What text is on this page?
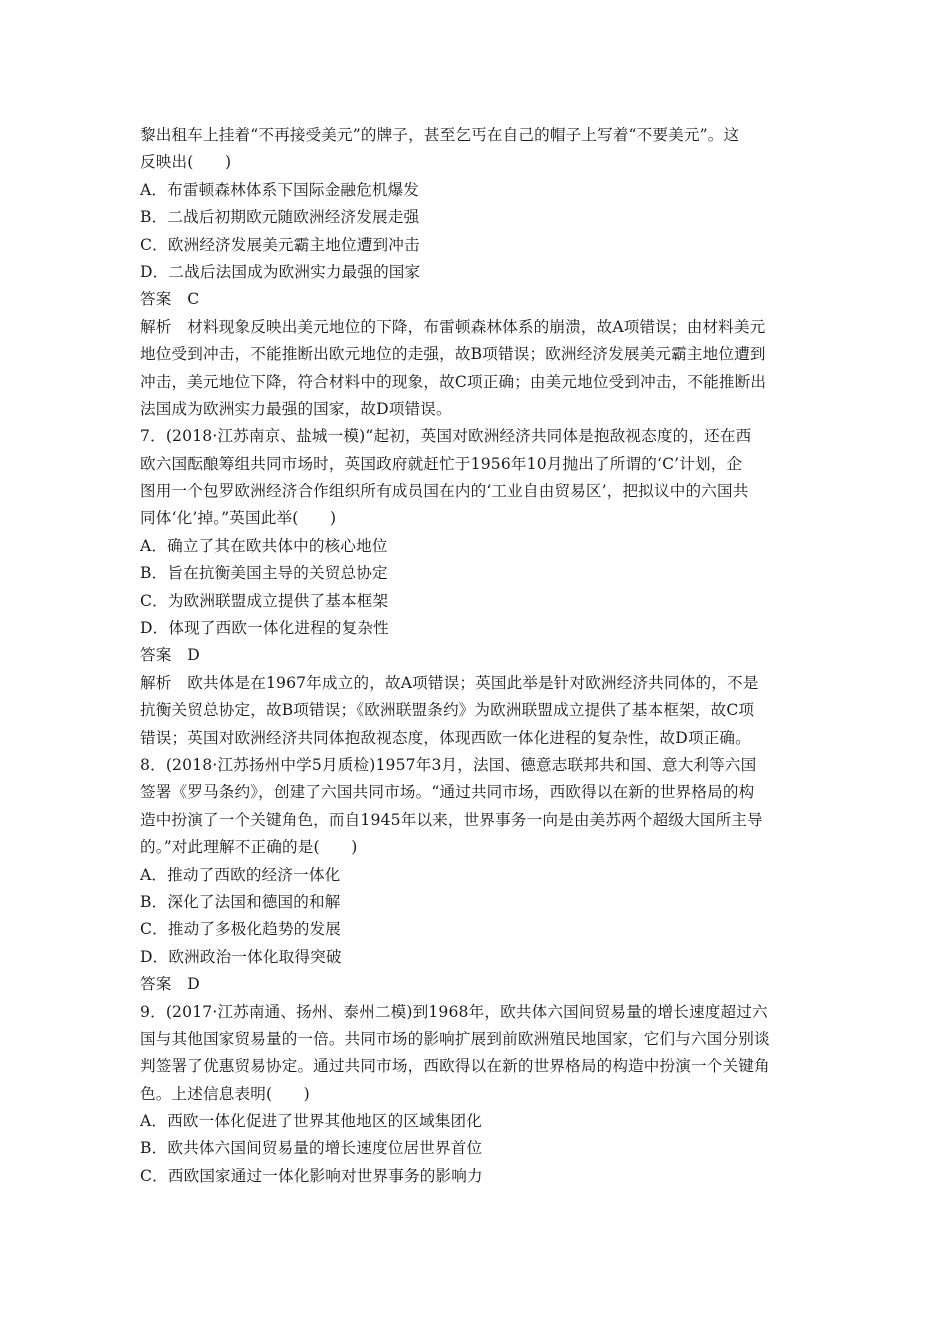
黎出租车上挂着“不再接受美元”的牌子，甚至乞丐在自己的帽子上写着“不要美元”。这
反映出(　　)
A．布雷顿森林体系下国际金融危机爆发
B．二战后初期欧元随欧洲经济发展走强
C．欧洲经济发展美元霸主地位遭到冲击
D．二战后法国成为欧洲实力最强的国家
答案　C
解析　材料现象反映出美元地位的下降，布雷顿森林体系的崩溃，故A项错误；由材料美元
地位受到冲击，不能推断出欧元地位的走强，故B项错误；欧洲经济发展美元霸主地位遭到
冲击，美元地位下降，符合材料中的现象，故C项正确；由美元地位受到冲击，不能推断出
法国成为欧洲实力最强的国家，故D项错误。
7．(2018·江苏南京、盐城一模)“起初，英国对欧洲经济共同体是抱敌视态度的，还在西
欧六国酝酿筹组共同市场时，英国政府就赶忙于1956年10月抛出了所谓的‘C’计划，企
图用一个包罗欧洲经济合作组织所有成员国在内的‘工业自由贸易区’，把拟议中的六国共
同体‘化’掉。”英国此举(　　)
A．确立了其在欧共体中的核心地位
B．旨在抗衡美国主导的关贸总协定
C．为欧洲联盟成立提供了基本框架
D．体现了西欧一体化进程的复杂性
答案　D
解析　欧共体是在1967年成立的，故A项错误；英国此举是针对欧洲经济共同体的，不是
抗衡关贸总协定，故B项错误；《欧洲联盟条约》为欧洲联盟成立提供了基本框架，故C项
错误；英国对欧洲经济共同体抱敌视态度，体现西欧一体化进程的复杂性，故D项正确。
8．(2018·江苏扬州中学5月质检)1957年3月，法国、德意志联邦共和国、意大利等六国
签署《罗马条约》，创建了六国共同市场。“通过共同市场，西欧得以在新的世界格局的构
造中扮演了一个关键角色，而自1945年以来，世界事务一向是由美苏两个超级大国所主导
的。”对此理解不正确的是(　　)
A．推动了西欧的经济一体化
B．深化了法国和德国的和解
C．推动了多极化趋势的发展
D．欧洲政治一体化取得突破
答案　D
9．(2017·江苏南通、扬州、泰州二模)到1968年，欧共体六国间贸易量的增长速度超过六
国与其他国家贸易量的一倍。共同市场的影响扩展到前欧洲殖民地国家，它们与六国分别谈
判签署了优惠贸易协定。通过共同市场，西欧得以在新的世界格局的构造中扮演一个关键角
色。上述信息表明(　　)
A．西欧一体化促进了世界其他地区的区域集团化
B．欧共体六国间贸易量的增长速度位居世界首位
C．西欧国家通过一体化影响对世界事务的影响力
